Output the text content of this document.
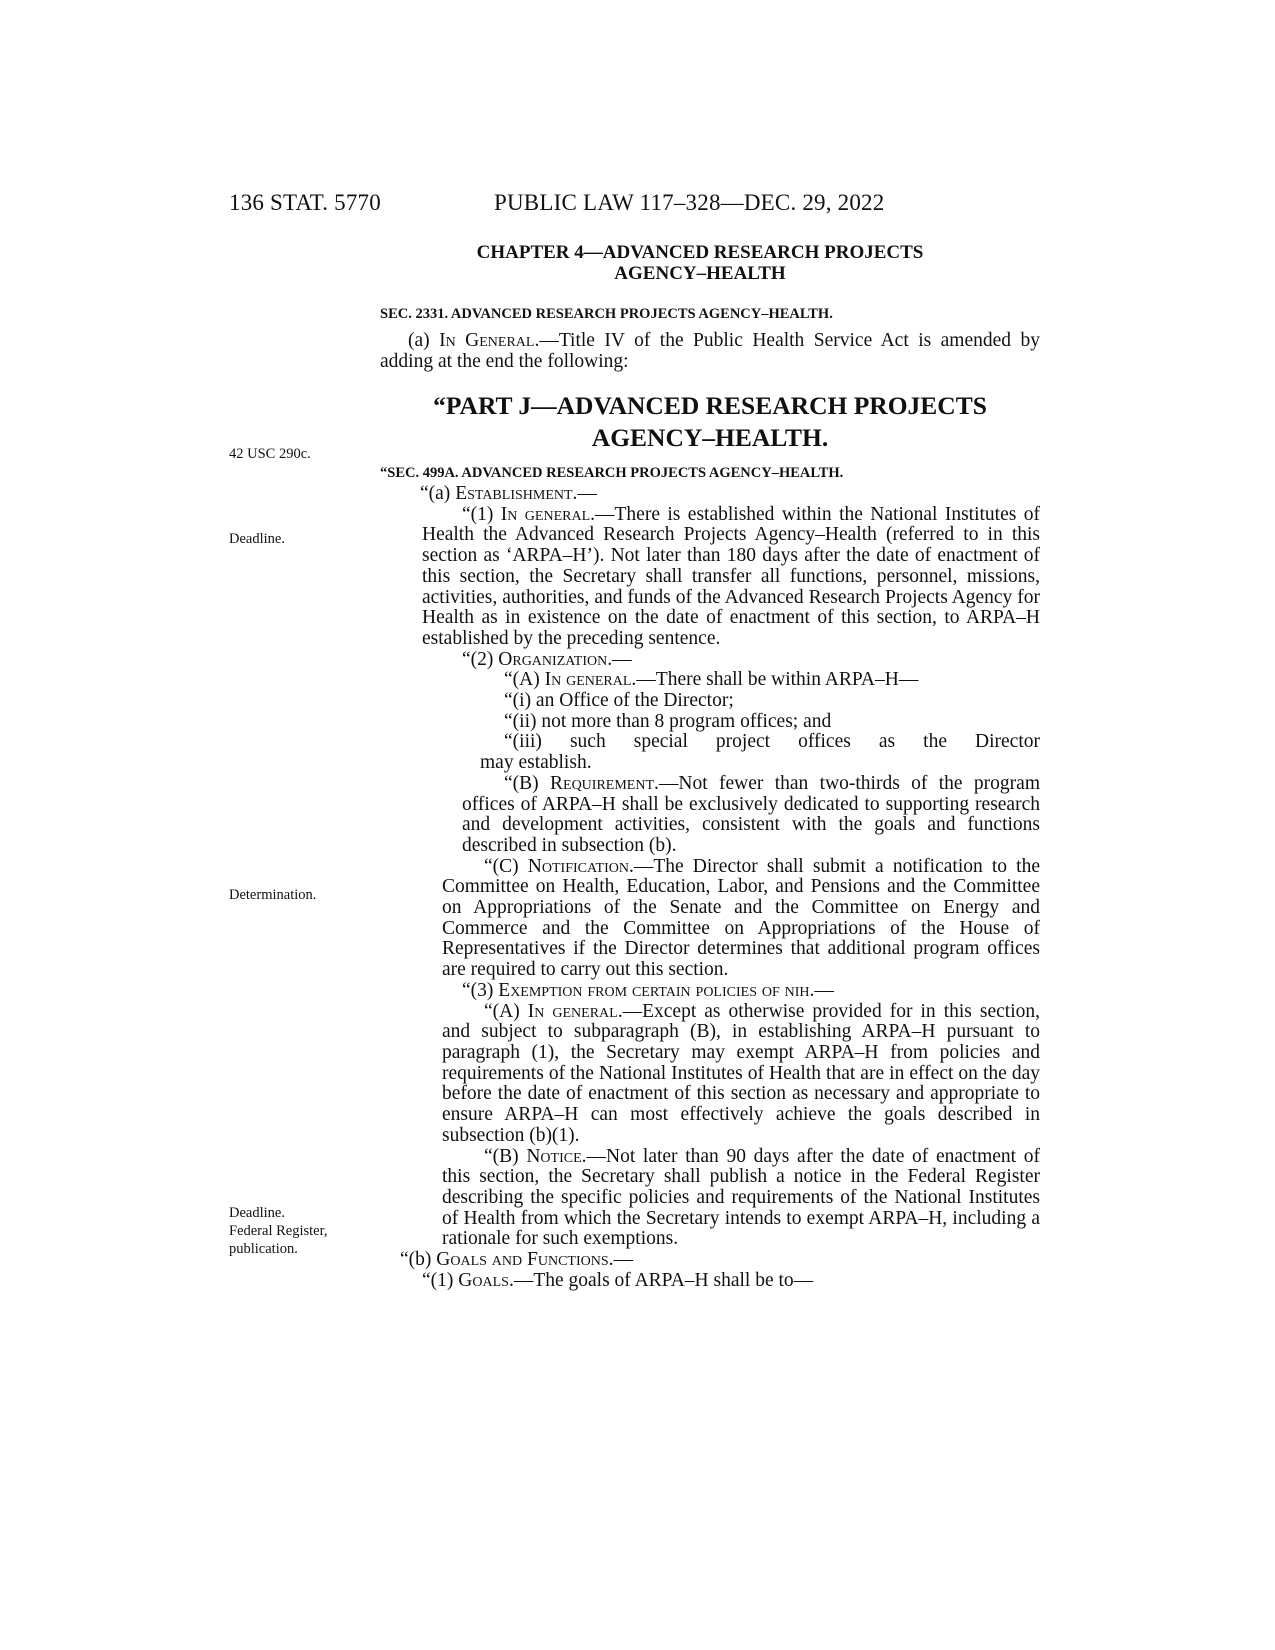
136 STAT. 5770	PUBLIC LAW 117–328—DEC. 29, 2022
CHAPTER 4—ADVANCED RESEARCH PROJECTS
AGENCY–HEALTH
SEC. 2331. ADVANCED RESEARCH PROJECTS AGENCY–HEALTH.
(a) In General.—Title IV of the Public Health Service Act is amended by adding at the end the following:
“PART J—ADVANCED RESEARCH PROJECTS
AGENCY–HEALTH.
42 USC 290c.
“SEC. 499A. ADVANCED RESEARCH PROJECTS AGENCY–HEALTH.
Deadline.
Determination.
Deadline.
Federal Register,
publication.
“(a) Establishment.—
“(1) In general.—There is established within the National Institutes of Health the Advanced Research Projects Agency–Health (referred to in this section as ‘ARPA–H’). Not later than 180 days after the date of enactment of this section, the Secretary shall transfer all functions, personnel, missions, activities, authorities, and funds of the Advanced Research Projects Agency for Health as in existence on the date of enactment of this section, to ARPA–H established by the preceding sentence.
“(2) Organization.—
“(A) In general.—There shall be within ARPA–H—
“(i) an Office of the Director;
“(ii) not more than 8 program offices; and
“(iii) such special project offices as the Director
may establish.
“(B) Requirement.—Not fewer than two-thirds of the program offices of ARPA–H shall be exclusively dedicated to supporting research and development activities, consistent with the goals and functions described in subsection (b).
“(C) Notification.—The Director shall submit a notification to the Committee on Health, Education, Labor, and Pensions and the Committee on Appropriations of the Senate and the Committee on Energy and Commerce and the Committee on Appropriations of the House of Representatives if the Director determines that additional program offices are required to carry out this section.
“(3) Exemption from certain policies of nih.—
“(A) In general.—Except as otherwise provided for in this section, and subject to subparagraph (B), in establishing ARPA–H pursuant to paragraph (1), the Secretary may exempt ARPA–H from policies and requirements of the National Institutes of Health that are in effect on the day before the date of enactment of this section as necessary and appropriate to ensure ARPA–H can most effectively achieve the goals described in subsection (b)(1).
“(B) Notice.—Not later than 90 days after the date of enactment of this section, the Secretary shall publish a notice in the Federal Register describing the specific policies and requirements of the National Institutes of Health from which the Secretary intends to exempt ARPA–H, including a rationale for such exemptions.
“(b) Goals and Functions.—
“(1) Goals.—The goals of ARPA–H shall be to—
